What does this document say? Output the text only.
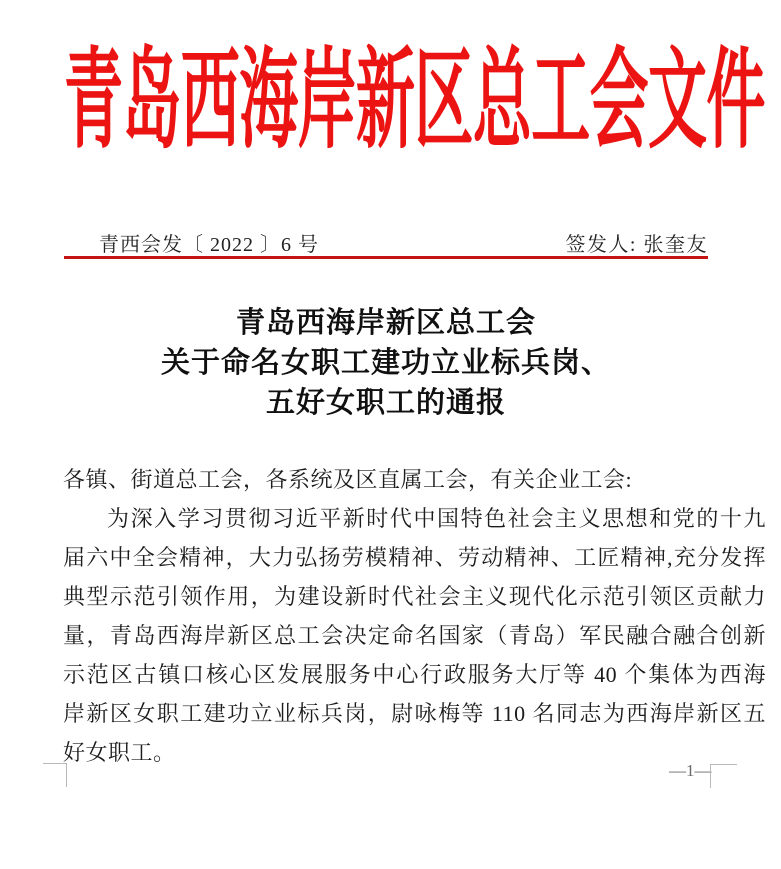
青岛西海岸新区总工会文件
青西会发〔 2022 〕6 号	签发人: 张奎友
青岛西海岸新区总工会
关于命名女职工建功立业标兵岗、
五好女职工的通报

各镇、街道总工会，各系统及区直属工会，有关企业工会:

为深入学习贯彻习近平新时代中国特色社会主义思想和党的十九

届六中全会精神，大力弘扬劳模精神、劳动精神、工匠精神,充分发挥

典型示范引领作用，为建设新时代社会主义现代化示范引领区贡献力

量，青岛西海岸新区总工会决定命名国家（青岛）军民融合融合创新

示范区古镇口核心区发展服务中心行政服务大厅等 40 个集体为西海

岸新区女职工建功立业标兵岗，尉咏梅等 110 名同志为西海岸新区五

好女职工。

—1—
